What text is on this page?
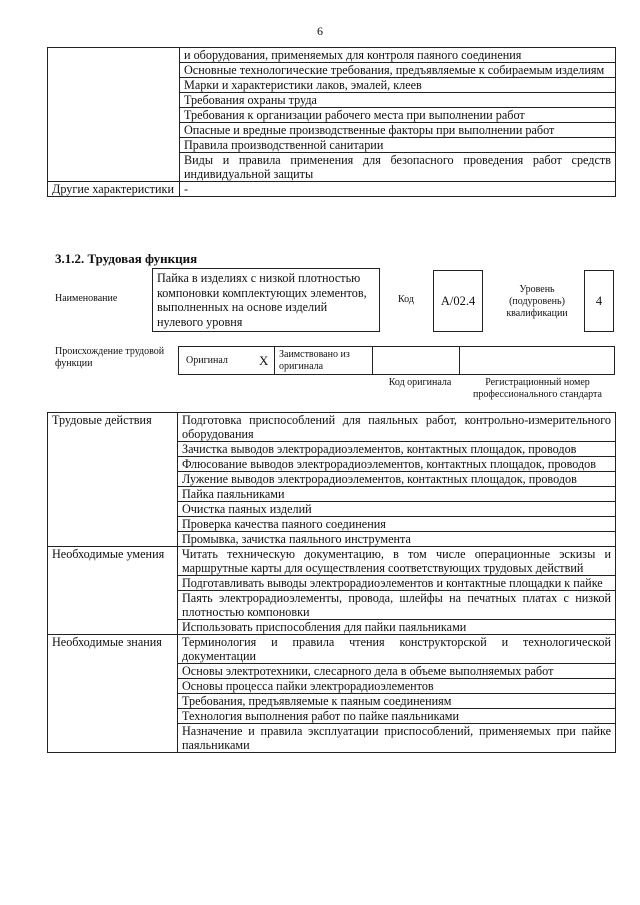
6
	и оборудования, применяемых для контроля паяного соединения
	Основные технологические требования, предъявляемые к собираемым изделиям
	Марки и характеристики лаков, эмалей, клеев
	Требования охраны труда
	Требования к организации рабочего места при выполнении работ
	Опасные и вредные производственные факторы при выполнении работ
	Правила производственной санитарии
	Виды и правила применения для безопасного проведения работ средств индивидуальной защиты
Другие характеристики	-
3.1.2. Трудовая функция
Наименование
Пайка в изделиях с низкой плотностью компоновки комплектующих элементов, выполненных на основе изделий нулевого уровня
Код	A/02.4
Уровень (подуровень) квалификации
4
Происхождение трудовой функции	Оригинал X Заимствовано из оригинала
Код оригинала	Регистрационный номер профессионального стандарта
Трудовые действия	Подготовка приспособлений для паяльных работ, контрольно-измерительного оборудования
	Зачистка выводов электрорадиоэлементов, контактных площадок, проводов
	Флюсование выводов электрорадиоэлементов, контактных площадок, проводов
	Лужение выводов электрорадиоэлементов, контактных площадок, проводов
	Пайка паяльниками
	Очистка паяных изделий
	Проверка качества паяного соединения
	Промывка, зачистка паяльного инструмента
Необходимые умения	Читать техническую документацию, в том числе операционные эскизы и маршрутные карты для осуществления соответствующих трудовых действий
	Подготавливать выводы электрорадиоэлементов и контактные площадки к пайке
	Паять электрорадиоэлементы, провода, шлейфы на печатных платах с низкой плотностью компоновки
	Использовать приспособления для пайки паяльниками
Необходимые знания	Терминология и правила чтения конструкторской и технологической документации
	Основы электротехники, слесарного дела в объеме выполняемых работ
	Основы процесса пайки электрорадиоэлементов
	Требования, предъявляемые к паяным соединениям
	Технология выполнения работ по пайке паяльниками
	Назначение и правила эксплуатации приспособлений, применяемых при пайке паяльниками
